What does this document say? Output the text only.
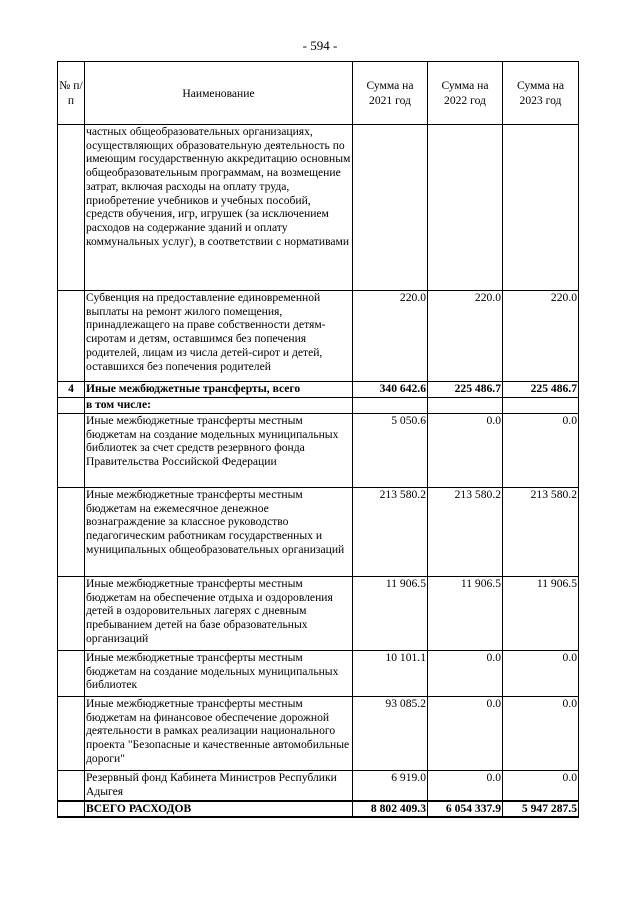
- 594 -
№ п/п	Наименование	Сумма на 2021 год	Сумма на 2022 год	Сумма на 2023 год
	частных общеобразовательных организациях, осуществляющих образовательную деятельность по имеющим государственную аккредитацию основным общеобразовательным программам, на возмещение затрат, включая расходы на оплату труда, приобретение учебников и учебных пособий, средств обучения, игр, игрушек (за исключением расходов на содержание зданий и оплату коммунальных услуг), в соответствии с нормативами			
	Субвенция на предоставление единовременной выплаты на ремонт жилого помещения, принадлежащего на праве собственности детям-сиротам и детям, оставшимся без попечения родителей, лицам из числа детей-сирот и детей, оставшихся без попечения родителей	220.0	220.0	220.0
4	Иные межбюджетные трансферты, всего	340 642.6	225 486.7	225 486.7
	в том числе:			
	Иные межбюджетные трансферты местным бюджетам на создание модельных муниципальных библиотек за счет средств резервного фонда Правительства Российской Федерации	5 050.6	0.0	0.0
	Иные межбюджетные трансферты местным бюджетам на ежемесячное денежное вознаграждение за классное руководство педагогическим работникам государственных и муниципальных общеобразовательных организаций	213 580.2	213 580.2	213 580.2
	Иные межбюджетные трансферты местным бюджетам на обеспечение отдыха и оздоровления детей в оздоровительных лагерях с дневным пребыванием детей на базе образовательных организаций	11 906.5	11 906.5	11 906.5
	Иные межбюджетные трансферты местным бюджетам на создание модельных муниципальных библиотек	10 101.1	0.0	0.0
	Иные межбюджетные трансферты местным бюджетам на финансовое обеспечение дорожной деятельности в рамках реализации национального проекта "Безопасные и качественные автомобильные дороги"	93 085.2	0.0	0.0
	Резервный фонд Кабинета Министров Республики Адыгея	6 919.0	0.0	0.0
	ВСЕГО РАСХОДОВ	8 802 409.3	6 054 337.9	5 947 287.5
